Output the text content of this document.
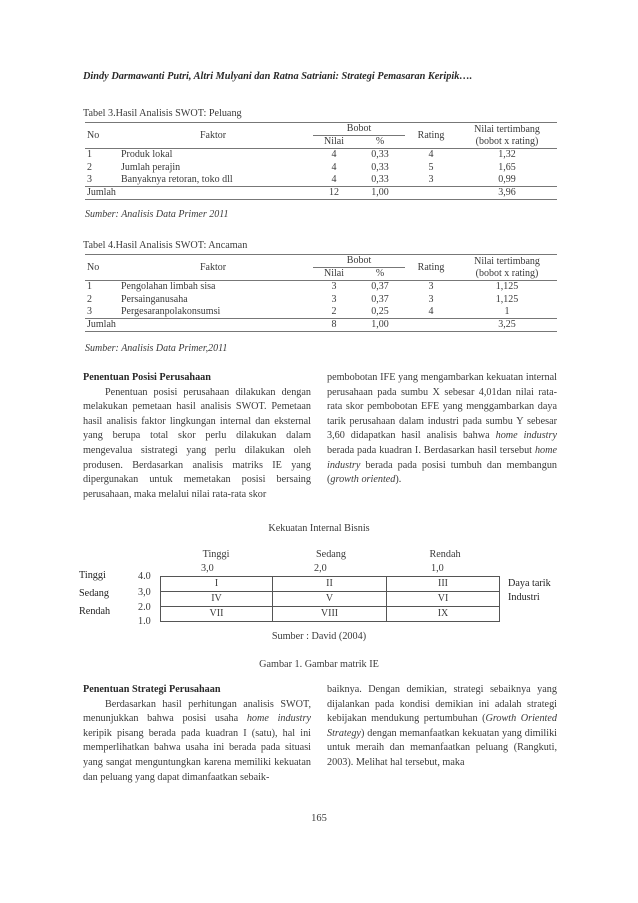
Dindy Darmawanti Putri, Altri Mulyani dan Ratna Satriani: Strategi Pemasaran Keripik….
Tabel 3.Hasil Analisis SWOT: Peluang
No	Faktor	Bobot		Rating	Nilai tertimbang
(bobot x rating)
		Nilai	%		
1	Produk lokal	4	0,33	4	1,32
2	Jumlah perajin	4	0,33	5	1,65
3	Banyaknya retoran, toko dll	4	0,33	3	0,99
Jumlah		12	1,00		3,96
Sumber: Analisis Data Primer 2011
Tabel 4.Hasil Analisis SWOT: Ancaman
No	Faktor	Bobot		Rating	Nilai tertimbang
(bobot x rating)
		Nilai	%		
1	Pengolahan limbah sisa	3	0,37	3	1,125
2	Persainganusaha	3	0,37	3	1,125
3	Pergesaranpolakonsumsi	2	0,25	4	1
Jumlah		8	1,00		3,25
Sumber: Analisis Data Primer,2011
Penentuan Posisi Perusahaan
Penentuan posisi perusahaan dilakukan dengan melakukan pemetaan hasil analisis SWOT. Pemetaan hasil analisis faktor lingkungan internal dan eksternal yang berupa total skor perlu dilakukan dalam mengevalua sistrategi yang perlu dilakukan oleh produsen. Berdasarkan analisis matriks IE yang dipergunakan untuk memetakan posisi bersaing perusahaan, maka melalui nilai rata-rata skor
pembobotan IFE yang mengambarkan kekuatan internal perusahaan pada sumbu X sebesar 4,01dan nilai rata-rata skor pembobotan EFE yang menggambarkan daya tarik perusahaan dalam industri pada sumbu Y sebesar 3,60 didapatkan hasil analisis bahwa home industry berada pada kuadran I. Berdasarkan hasil tersebut home industry berada pada posisi tumbuh dan membangun (growth oriented).
Kekuatan Internal Bisnis
Tinggi	Sedang	Rendah
3,0	2,0	1,0
Tinggi
Sedang
Rendah
4.0
3,0
2.0
1.0
I	II	III
IV	V	VI
VII	VIII	IX
Daya tarik
Industri
Sumber : David (2004)
Gambar 1. Gambar matrik IE
Penentuan Strategi Perusahaan
Berdasarkan hasil perhitungan analisis SWOT, menunjukkan bahwa posisi usaha home industry keripik pisang berada pada kuadran I (satu), hal ini memperlihatkan bahwa usaha ini berada pada situasi yang sangat menguntungkan karena memiliki kekuatan dan peluang yang dapat dimanfaatkan sebaik-
baiknya. Dengan demikian, strategi sebaiknya yang dijalankan pada kondisi demikian ini adalah strategi kebijakan mendukung pertumbuhan (Growth Oriented Strategy) dengan memanfaatkan kekuatan yang dimiliki untuk meraih dan memanfaatkan peluang (Rangkuti, 2003). Melihat hal tersebut, maka
165
